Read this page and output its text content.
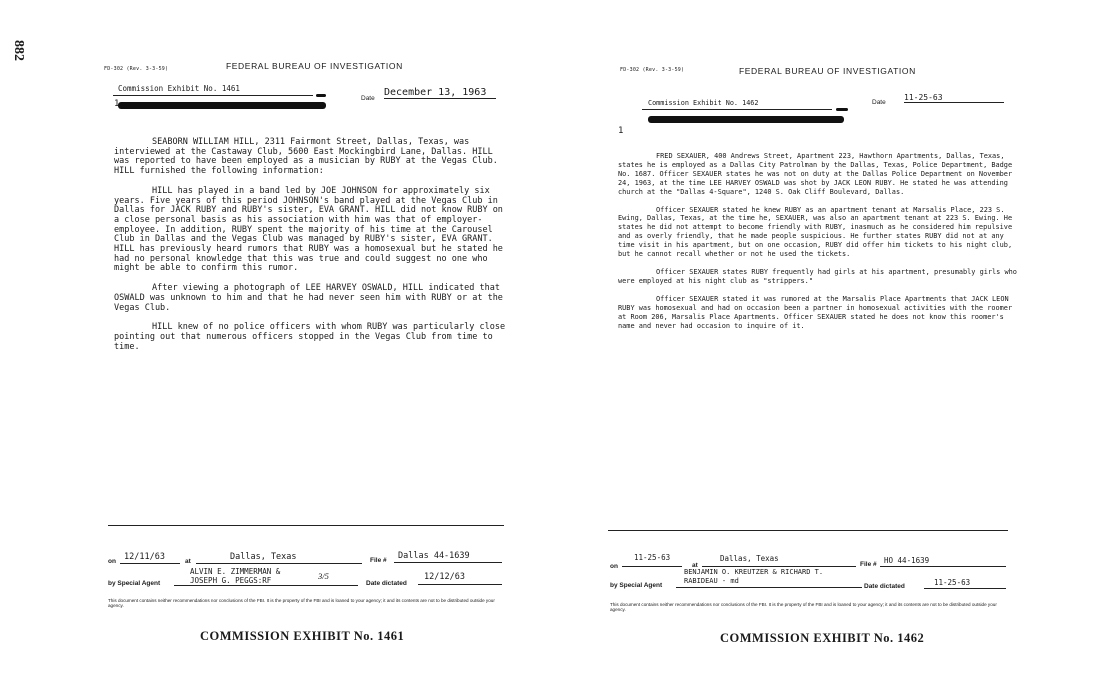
882
FD-302 (Rev. 3-3-59)	FEDERAL BUREAU OF INVESTIGATION
Commission Exhibit No. 1461
1
Date
December 13, 1963

SEABORN WILLIAM HILL, 2311 Fairmont Street, Dallas, Texas, was interviewed at the Castaway Club, 5600 East Mockingbird Lane, Dallas. HILL was reported to have been employed as a musician by RUBY at the Vegas Club. HILL furnished the following information:

HILL has played in a band led by JOE JOHNSON for approximately six years. Five years of this period JOHNSON's band played at the Vegas Club in Dallas for JACK RUBY and RUBY's sister, EVA GRANT. HILL did not know RUBY on a close personal basis as his association with him was that of employer-employee. In addition, RUBY spent the majority of his time at the Carousel Club in Dallas and the Vegas Club was managed by RUBY's sister, EVA GRANT. HILL has previously heard rumors that RUBY was a homosexual but he stated he had no personal knowledge that this was true and could suggest no one who might be able to confirm this rumor.

After viewing a photograph of LEE HARVEY OSWALD, HILL indicated that OSWALD was unknown to him and that he had never seen him with RUBY or at the Vegas Club.

HILL knew of no police officers with whom RUBY was particularly close pointing out that numerous officers stopped in the Vegas Club from time to time.

on 12/11/63	at	Dallas, Texas	File # Dallas 44-1639
by Special Agent
ALVIN E. ZIMMERMAN &
JOSEPH G. PEGGS:RF	3/5
Date dictated
12/12/63
This document contains neither recommendations nor conclusions of the FBI. It is the property of the FBI and is loaned to your agency; it and its contents are not to be distributed outside your agency.
COMMISSION EXHIBIT No. 1461
FD-302 (Rev. 3-3-59)	FEDERAL BUREAU OF INVESTIGATION
Commission Exhibit No. 1462
1
Date
11-25-63

FRED SEXAUER, 400 Andrews Street, Apartment 223, Hawthorn Apartments, Dallas, Texas, states he is employed as a Dallas City Patrolman by the Dallas, Texas, Police Department, Badge No. 1687. Officer SEXAUER states he was not on duty at the Dallas Police Department on November 24, 1963, at the time LEE HARVEY OSWALD was shot by JACK LEON RUBY. He stated he was attending church at the "Dallas 4-Square", 1240 S. Oak Cliff Boulevard, Dallas.

Officer SEXAUER stated he knew RUBY as an apartment tenant at Marsalis Place, 223 S. Ewing, Dallas, Texas, at the time he, SEXAUER, was also an apartment tenant at 223 S. Ewing. He states he did not attempt to become friendly with RUBY, inasmuch as he considered him repulsive and as overly friendly, that he made people suspicious. He further states RUBY did not at any time visit in his apartment, but on one occasion, RUBY did offer him tickets to his night club, but he cannot recall whether or not he used the tickets.

Officer SEXAUER states RUBY frequently had girls at his apartment, presumably girls who were employed at his night club as "strippers."

Officer SEXAUER stated it was rumored at the Marsalis Place Apartments that JACK LEON RUBY was homosexual and had on occasion been a partner in homosexual activities with the roomer at Room 206, Marsalis Place Apartments. Officer SEXAUER stated he does not know this roomer's name and never had occasion to inquire of it.

on
11-25-63
at
Dallas, Texas
File # HO 44-1639
by Special Agent
BENJAMIN O. KREUTZER & RICHARD T.
RABIDEAU - md
Date dictated	11-25-63
This document contains neither recommendations nor conclusions of the FBI. It is the property of the FBI and is loaned to your agency; it and its contents are not to be distributed outside your agency.
COMMISSION EXHIBIT No. 1462
